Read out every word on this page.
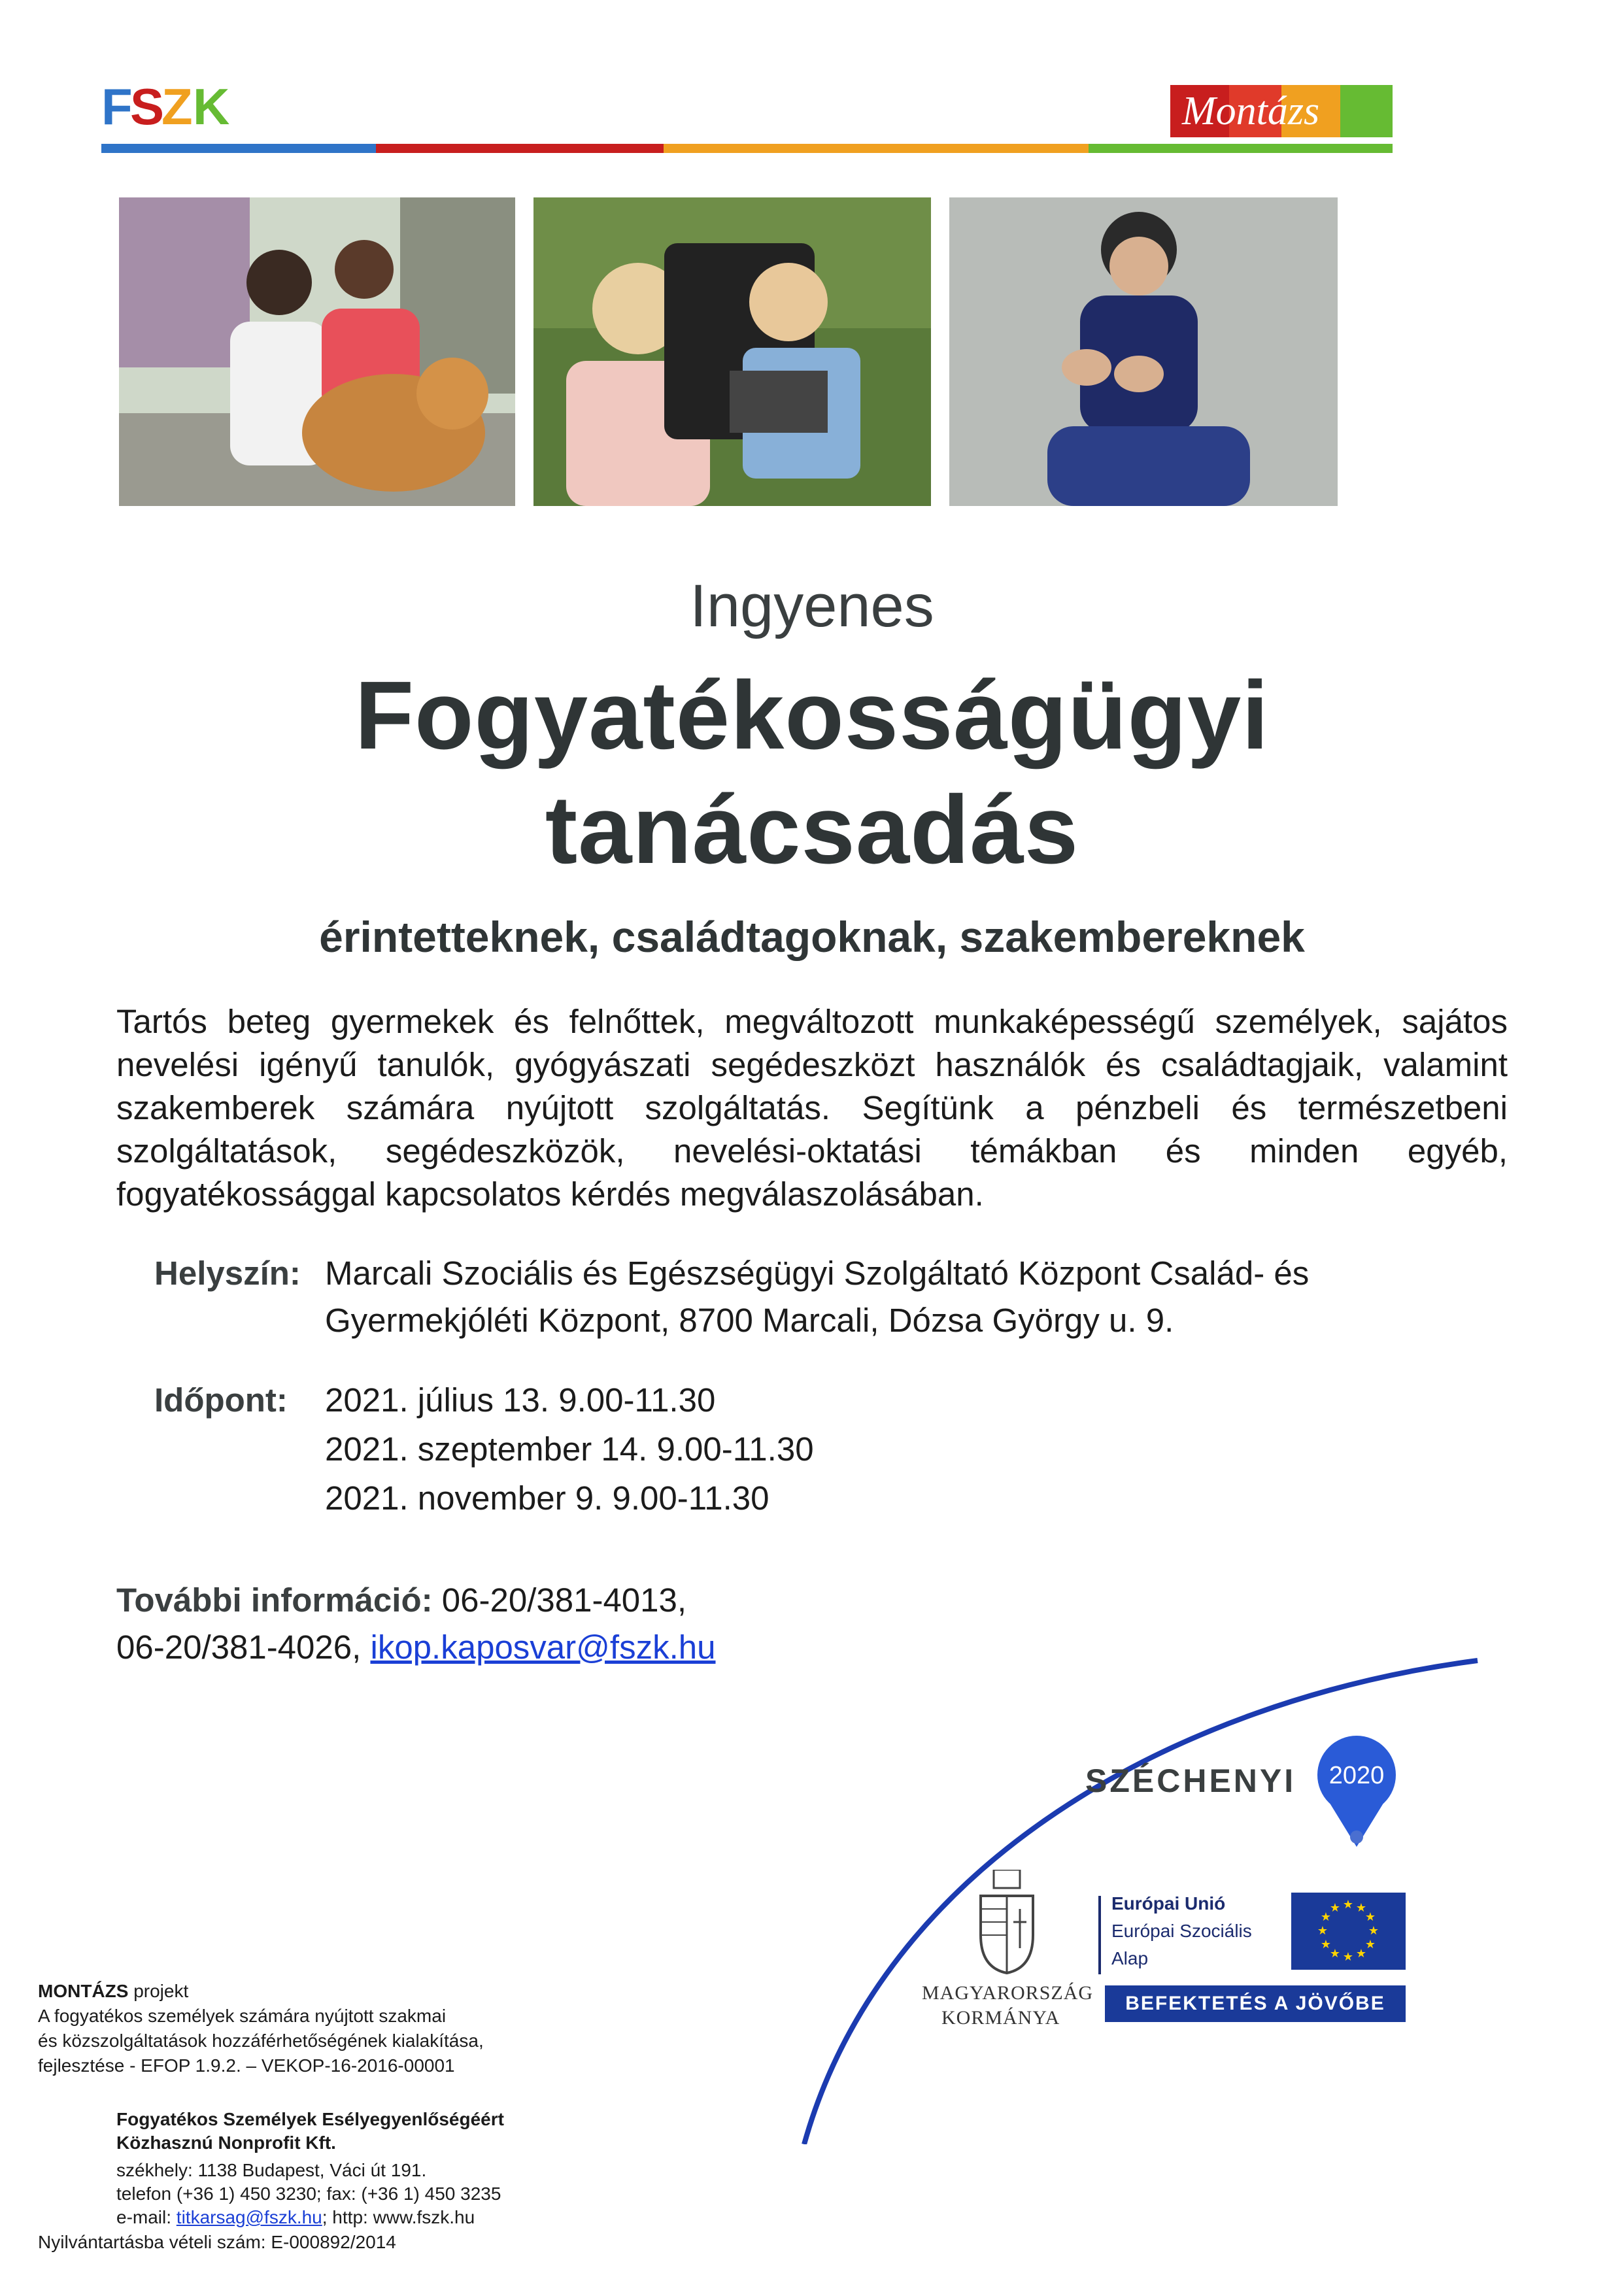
F
S
Z K	Montázs
Ingyenes
Fogyatékosságügyi
tanácsadás
érintetteknek, családtagoknak, szakembereknek
Tartós beteg gyermekek és felnőttek, megváltozott munkaképességű személyek, sajátos nevelési igényű tanulók, gyógyászati segédeszközt használók és családtagjaik, valamint szakemberek számára nyújtott szolgáltatás. Segítünk a pénzbeli és természetbeni szolgáltatások, segédeszközök, nevelési-oktatási témákban és minden egyéb, fogyatékossággal kapcsolatos kérdés megválaszolásában.
Helyszín: Marcali Szociális és Egészségügyi Szolgáltató Központ Család- és
Gyermekjóléti Központ, 8700 Marcali, Dózsa György u. 9.
Időpont: 2021. július 13. 9.00-11.30
2021. szeptember 14. 9.00-11.30
2021. november 9. 9.00-11.30
További információ: 06-20/381-4013,
06-20/381-4026, ikop.kaposvar@fszk.hu
SZÉCHENYI 2020
MAGYARORSZÁG
KORMÁNYA
Európai Unió
Európai Szociális
Alap
★ ★
★
★
★
★
★
★
★
★
★
★
BEFEKTETÉS A JÖVŐBE
MONTÁZS projekt
A fogyatékos személyek számára nyújtott szakmai
és közszolgáltatások hozzáférhetőségének kialakítása,
fejlesztése - EFOP 1.9.2. – VEKOP-16-2016-00001
Fogyatékos Személyek Esélyegyenlőségéért
Közhasznú Nonprofit Kft.
székhely: 1138 Budapest, Váci út 191.
telefon (+36 1) 450 3230; fax: (+36 1) 450 3235
e-mail: titkarsag@fszk.hu; http: www.fszk.hu
Nyilvántartásba vételi szám: E-000892/2014
